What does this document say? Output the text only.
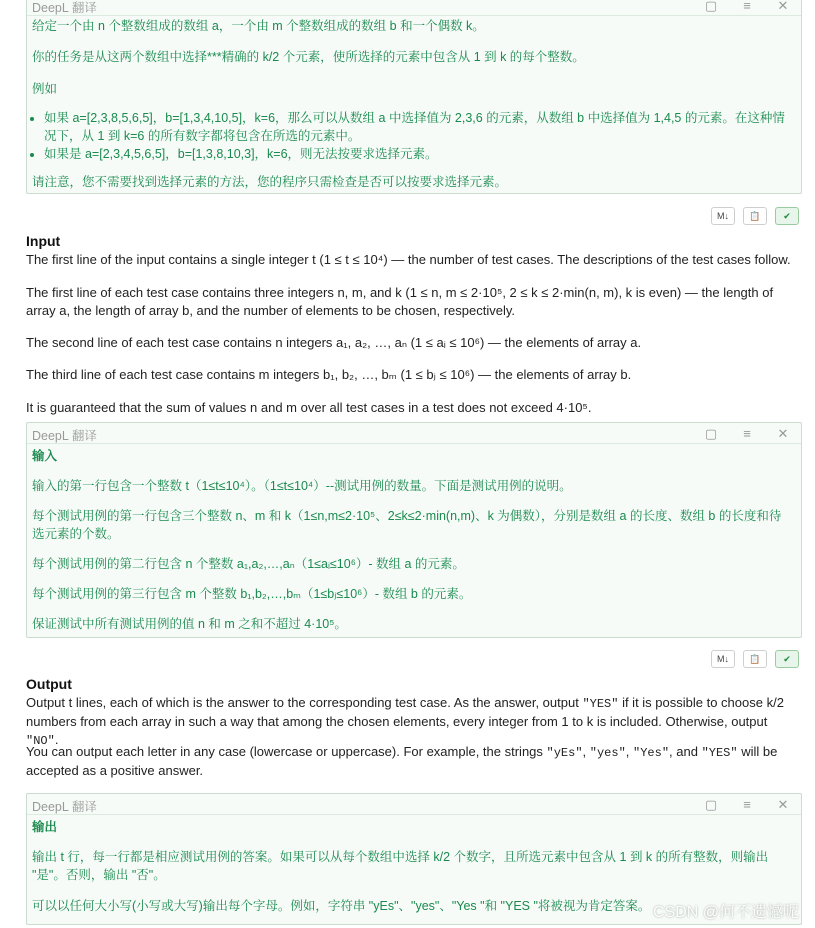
DeepL 翻译	▢	≡	✕
给定一个由 n 个整数组成的数组 a，一个由 m 个整数组成的数组 b 和一个偶数 k。
你的任务是从这两个数组中选择***精确的 k/2 个元素，使所选择的元素中包含从 1 到 k 的每个整数。
例如
• 如果 a=[2,3,8,5,6,5]，b=[1,3,4,10,5]，k=6，那么可以从数组 a 中选择值为 2,3,6 的元素，从数组 b 中选择值为 1,4,5 的元素。在这种情况下，从 1 到 k=6 的所有数字都将包含在所选的元素中。
• 如果是 a=[2,3,4,5,6,5]，b=[1,3,8,10,3]，k=6，则无法按要求选择元素。
请注意，您不需要找到选择元素的方法，您的程序只需检查是否可以按要求选择元素。
M↓	📋	✔
Input
The first line of the input contains a single integer t (1 ≤ t ≤ 10⁴) — the number of test cases. The descriptions of the test cases follow.
The first line of each test case contains three integers n, m, and k (1 ≤ n, m ≤ 2·10⁵, 2 ≤ k ≤ 2·min(n, m), k is even) — the length of array a, the length of array b, and the number of elements to be chosen, respectively.
The second line of each test case contains n integers a₁, a₂, …, aₙ (1 ≤ aᵢ ≤ 10⁶) — the elements of array a.
The third line of each test case contains m integers b₁, b₂, …, bₘ (1 ≤ bⱼ ≤ 10⁶) — the elements of array b.
It is guaranteed that the sum of values n and m over all test cases in a test does not exceed 4·10⁵.
DeepL 翻译	▢	≡	✕
输入
输入的第一行包含一个整数 t（1≤t≤10⁴）。（1≤t≤10⁴）--测试用例的数量。下面是测试用例的说明。
每个测试用例的第一行包含三个整数 n、m 和 k（1≤n,m≤2·10⁵、2≤k≤2·min(n,m)、k 为偶数），分别是数组 a 的长度、数组 b 的长度和待选元素的个数。
每个测试用例的第二行包含 n 个整数 a₁,a₂,…,aₙ（1≤aᵢ≤10⁶）- 数组 a 的元素。
每个测试用例的第三行包含 m 个整数 b₁,b₂,…,bₘ（1≤bⱼ≤10⁶）- 数组 b 的元素。
保证测试中所有测试用例的值 n 和 m 之和不超过 4·10⁵。
M↓	📋	✔
Output
Output t lines, each of which is the answer to the corresponding test case. As the answer, output "YES" if it is possible to choose k/2 numbers from each array in such a way that among the chosen elements, every integer from 1 to k is included. Otherwise, output "NO".
You can output each letter in any case (lowercase or uppercase). For example, the strings "yEs", "yes", "Yes", and "YES" will be accepted as a positive answer.
DeepL 翻译	▢	≡	✕
输出
输出 t 行，每一行都是相应测试用例的答案。如果可以从每个数组中选择 k/2 个数字，且所选元素中包含从 1 到 k 的所有整数，则输出 "是"。否则，输出 "否"。
可以以任何大小写(小写或大写)输出每个字母。例如，字符串 "yEs"、"yes"、"Yes "和 "YES "将被视为肯定答案。 CSDN @何不遗憾呢
